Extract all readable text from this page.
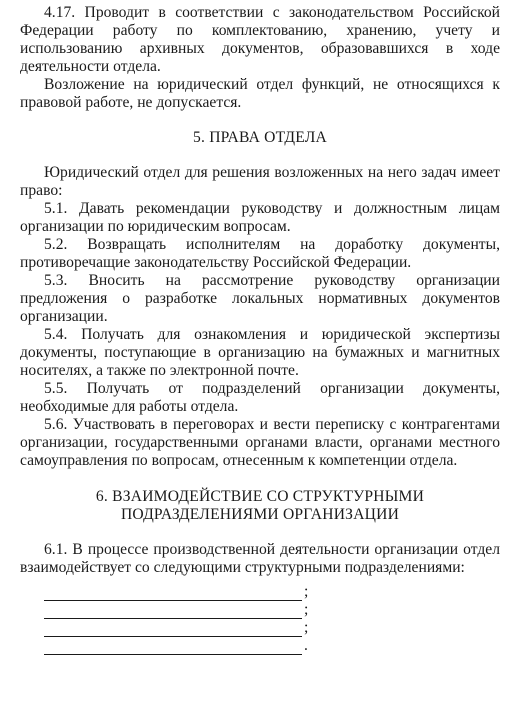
4.17. Проводит в соответствии с законодательством Российской Федерации работу по комплектованию, хранению, учету и использованию архивных документов, образовавшихся в ходе деятельности отдела.

Возложение на юридический отдел функций, не относящихся к правовой работе, не допускается.

5. ПРАВА ОТДЕЛА

Юридический отдел для решения возложенных на него задач имеет право:

5.1. Давать рекомендации руководству и должностным лицам организации по юридическим вопросам.

5.2. Возвращать исполнителям на доработку документы, противоречащие законодательству Российской Федерации.

5.3. Вносить на рассмотрение руководству организации предложения о разработке локальных нормативных документов организации.

5.4. Получать для ознакомления и юридической экспертизы документы, поступающие в организацию на бумажных и магнитных носителях, а также по электронной почте.

5.5. Получать от подразделений организации документы, необходимые для работы отдела.

5.6. Участвовать в переговорах и вести переписку с контрагентами организации, государственными органами власти, органами местного самоуправления по вопросам, отнесенным к компетенции отдела.

6. ВЗАИМОДЕЙСТВИЕ СО СТРУКТУРНЫМИ
ПОДРАЗДЕЛЕНИЯМИ ОРГАНИЗАЦИИ

6.1. В процессе производственной деятельности организации отдел взаимодействует со следующими структурными подразделениями:

;
;
;
.
